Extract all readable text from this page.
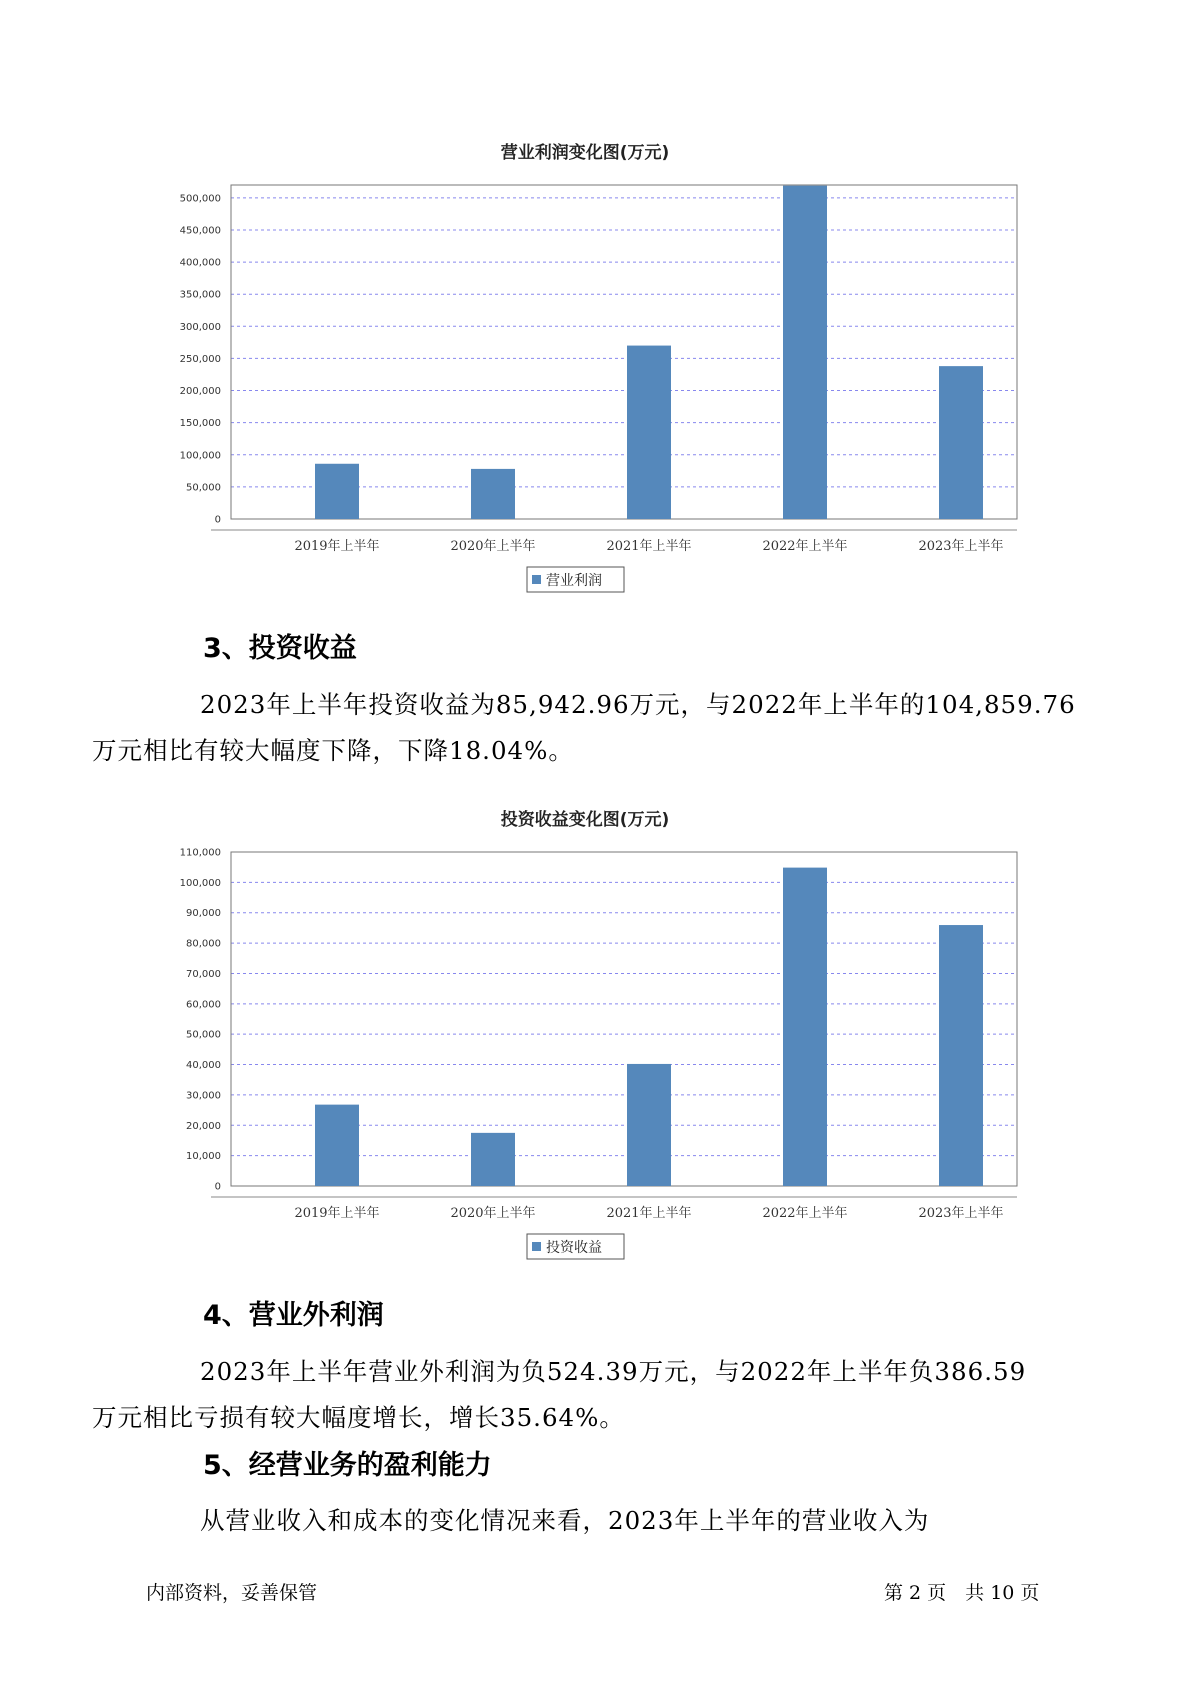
营业利润变化图(万元)
0
50,000
100,000
150,000
200,000
250,000
300,000
350,000
400,000
450,000
500,000
2019年上半年	2020年上半年	2021年上半年	2022年上半年	2023年上半年
营业利润
3、投资收益

2023年上半年投资收益为85,942.96万元，与2022年上半年的104,859.76
万元相比有较大幅度下降，下降18.04%。

投资收益变化图(万元)
0
10,000
20,000
30,000
40,000
50,000
60,000
70,000
80,000
90,000
100,000
110,000
2019年上半年	2020年上半年	2021年上半年	2022年上半年	2023年上半年
投资收益
4、营业外利润

2023年上半年营业外利润为负524.39万元，与2022年上半年负386.59
万元相比亏损有较大幅度增长，增长35.64%。

5、经营业务的盈利能力

从营业收入和成本的变化情况来看，2023年上半年的营业收入为

内部资料，妥善保管	第 2 页　共 10 页
